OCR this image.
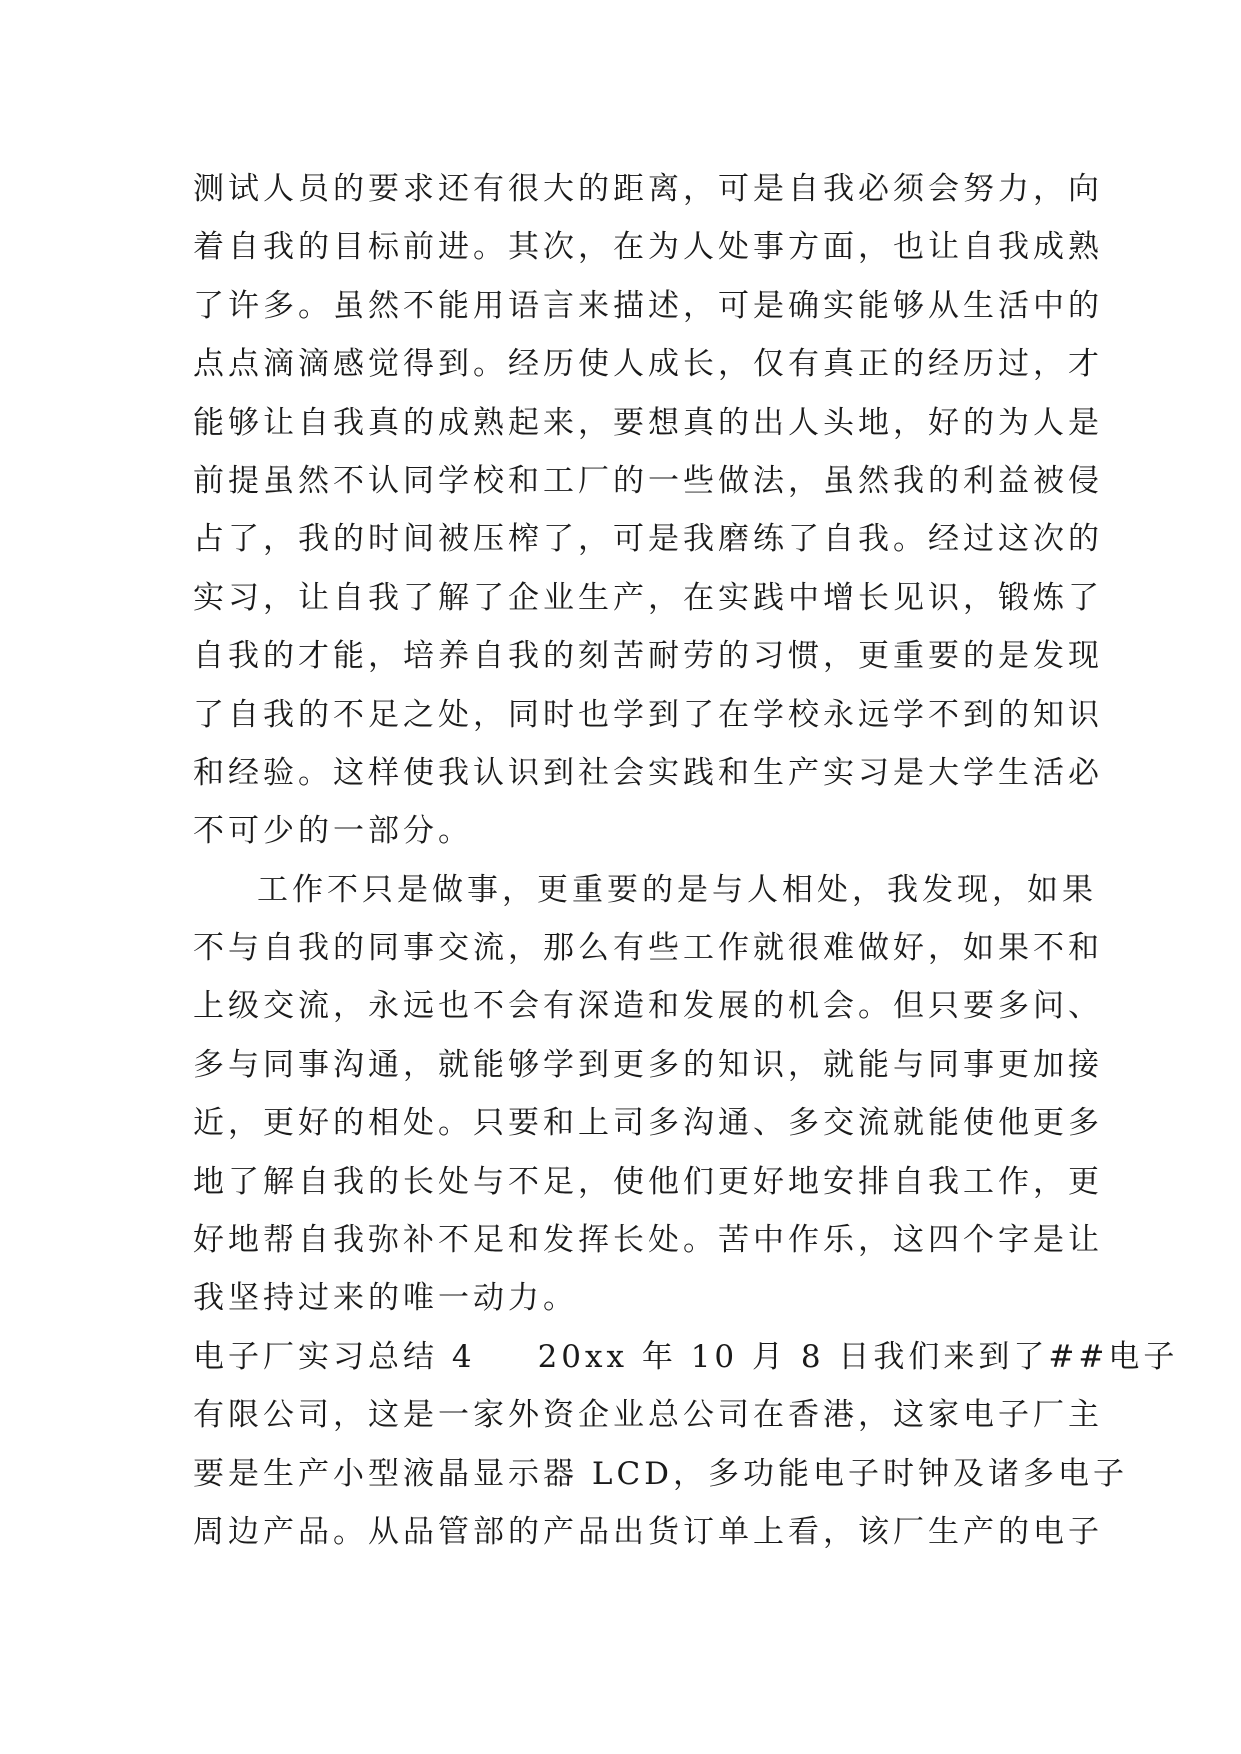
测试人员的要求还有很大的距离，可是自我必须会努力，向
着自我的目标前进。其次，在为人处事方面，也让自我成熟
了许多。虽然不能用语言来描述，可是确实能够从生活中的
点点滴滴感觉得到。经历使人成长，仅有真正的经历过，才
能够让自我真的成熟起来，要想真的出人头地，好的为人是
前提虽然不认同学校和工厂的一些做法，虽然我的利益被侵
占了，我的时间被压榨了，可是我磨练了自我。经过这次的
实习，让自我了解了企业生产，在实践中增长见识，锻炼了
自我的才能，培养自我的刻苦耐劳的习惯，更重要的是发现
了自我的不足之处，同时也学到了在学校永远学不到的知识
和经验。这样使我认识到社会实践和生产实习是大学生活必
不可少的一部分。
工作不只是做事，更重要的是与人相处，我发现，如果
不与自我的同事交流，那么有些工作就很难做好，如果不和
上级交流，永远也不会有深造和发展的机会。但只要多问、
多与同事沟通，就能够学到更多的知识，就能与同事更加接
近，更好的相处。只要和上司多沟通、多交流就能使他更多
地了解自我的长处与不足，使他们更好地安排自我工作，更
好地帮自我弥补不足和发挥长处。苦中作乐，这四个字是让
我坚持过来的唯一动力。
电子厂实习总结 4 20xx 年 10 月 8 日我们来到了##电子
有限公司，这是一家外资企业总公司在香港，这家电子厂主
要是生产小型液晶显示器 LCD，多功能电子时钟及诸多电子
周边产品。从品管部的产品出货订单上看，该厂生产的电子
